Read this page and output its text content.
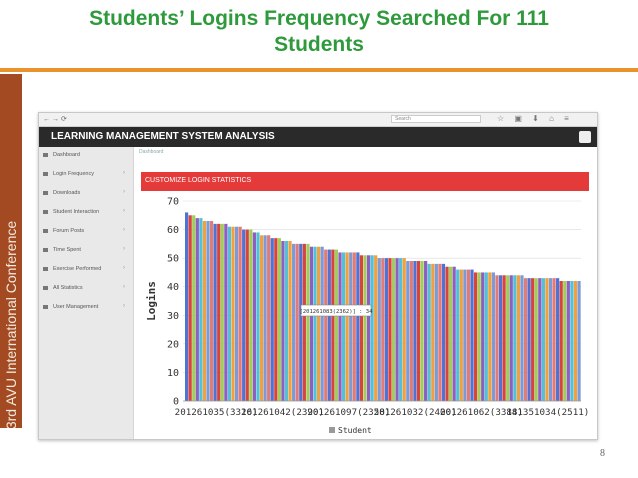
Students’ Logins Frequency Searched For 111
Students
3rd AVU International Conference
←→⟳	Search	☆ ▣ ⬇ ⌂ ≡
LEARNING MANAGEMENT SYSTEM ANALYSIS
Dashboard
Login Frequency	›
Downloads	›
Student Interaction	›
Forum Posts	›
Time Spent	›
Exercise Performed	›
All Statistics	›
User Management	›
Dashboard
CUSTOMIZE LOGIN STATISTICS
0
10
20
30
40
50
60
70
Logins
201261035(3316)
201261042(2390)
201261097(2358)
201261032(2400)
201261062(3318)
841351034(2511)
[201261083(2362)] : 34
Student
8
